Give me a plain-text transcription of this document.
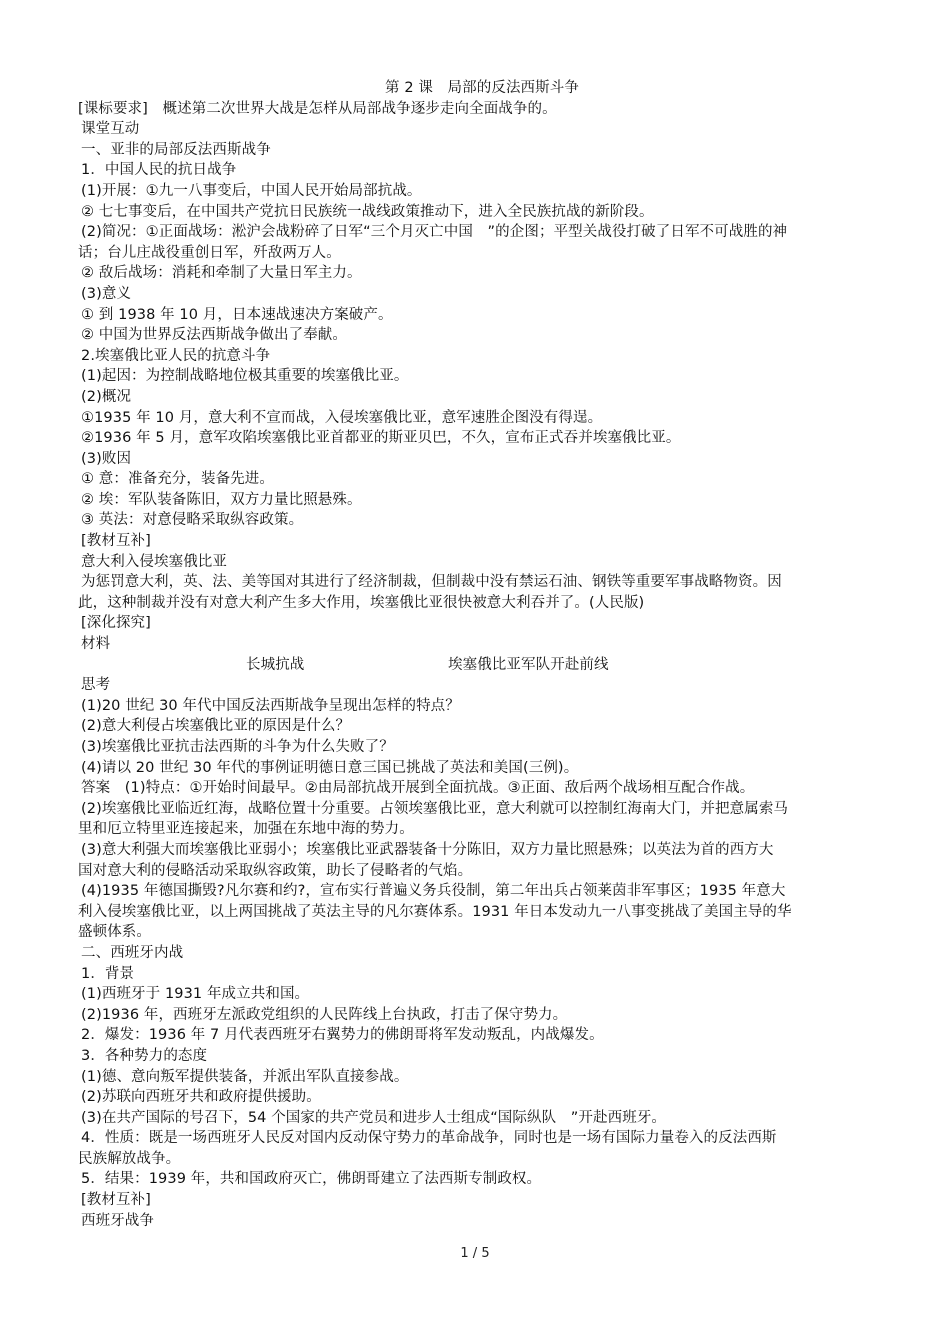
第 2 课　局部的反法西斯斗争
[课标要求]　概述第二次世界大战是怎样从局部战争逐步走向全面战争的。
课堂互动
一、亚非的局部反法西斯战争
1．中国人民的抗日战争
(1)开展：①九一八事变后，中国人民开始局部抗战。
② 七七事变后，在中国共产党抗日民族统一战线政策推动下，进入全民族抗战的新阶段。
(2)简况：①正面战场：淞沪会战粉碎了日军“三个月灭亡中国　”的企图；平型关战役打破了日军不可战胜的神
话；台儿庄战役重创日军，歼敌两万人。
② 敌后战场：消耗和牵制了大量日军主力。
(3)意义
① 到 1938 年 10 月，日本速战速决方案破产。
② 中国为世界反法西斯战争做出了奉献。
2.埃塞俄比亚人民的抗意斗争
(1)起因：为控制战略地位极其重要的埃塞俄比亚。
(2)概况
①1935 年 10 月，意大利不宣而战，入侵埃塞俄比亚，意军速胜企图没有得逞。
②1936 年 5 月，意军攻陷埃塞俄比亚首都亚的斯亚贝巴，不久，宣布正式吞并埃塞俄比亚。
(3)败因
① 意：准备充分，装备先进。
② 埃：军队装备陈旧，双方力量比照悬殊。
③ 英法：对意侵略采取纵容政策。
[教材互补]
意大利入侵埃塞俄比亚
为惩罚意大利，英、法、美等国对其进行了经济制裁，但制裁中没有禁运石油、钢铁等重要军事战略物资。因
此，这种制裁并没有对意大利产生多大作用，埃塞俄比亚很快被意大利吞并了。(人民版)
[深化探究]
材料
长城抗战	埃塞俄比亚军队开赴前线
思考
(1)20 世纪 30 年代中国反法西斯战争呈现出怎样的特点？
(2)意大利侵占埃塞俄比亚的原因是什么？
(3)埃塞俄比亚抗击法西斯的斗争为什么失败了？
(4)请以 20 世纪 30 年代的事例证明德日意三国已挑战了英法和美国(三例)。
答案　(1)特点：①开始时间最早。②由局部抗战开展到全面抗战。③正面、敌后两个战场相互配合作战。
(2)埃塞俄比亚临近红海，战略位置十分重要。占领埃塞俄比亚，意大利就可以控制红海南大门，并把意属索马
里和厄立特里亚连接起来，加强在东地中海的势力。
(3)意大利强大而埃塞俄比亚弱小；埃塞俄比亚武器装备十分陈旧，双方力量比照悬殊；以英法为首的西方大
国对意大利的侵略活动采取纵容政策，助长了侵略者的气焰。
(4)1935 年德国撕毁?凡尔赛和约?，宣布实行普遍义务兵役制，第二年出兵占领莱茵非军事区；1935 年意大
利入侵埃塞俄比亚，以上两国挑战了英法主导的凡尔赛体系。1931 年日本发动九一八事变挑战了美国主导的华
盛顿体系。
二、西班牙内战
1．背景
(1)西班牙于 1931 年成立共和国。
(2)1936 年，西班牙左派政党组织的人民阵线上台执政，打击了保守势力。
2．爆发：1936 年 7 月代表西班牙右翼势力的佛朗哥将军发动叛乱，内战爆发。
3．各种势力的态度
(1)德、意向叛军提供装备，并派出军队直接参战。
(2)苏联向西班牙共和政府提供援助。
(3)在共产国际的号召下，54 个国家的共产党员和进步人士组成“国际纵队　”开赴西班牙。
4．性质：既是一场西班牙人民反对国内反动保守势力的革命战争，同时也是一场有国际力量卷入的反法西斯
民族解放战争。
5．结果：1939 年，共和国政府灭亡，佛朗哥建立了法西斯专制政权。
[教材互补]
西班牙战争
1 / 5
